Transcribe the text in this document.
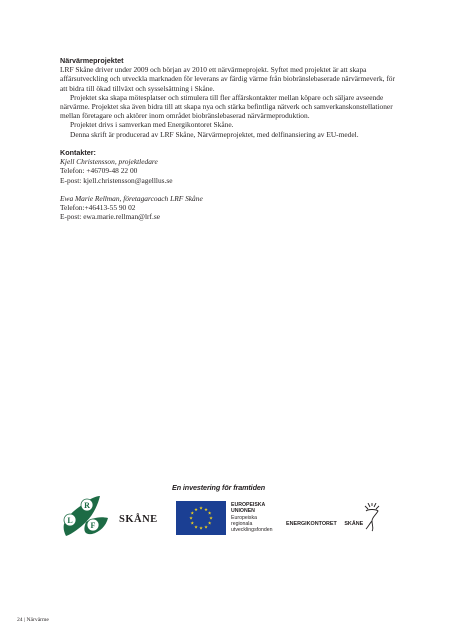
Närvärmeprojektet

LRF Skåne driver under 2009 och början av 2010 ett närvärmeprojekt. Syftet med projektet är att skapa affärsutveckling och utveckla marknaden för leverans av färdig värme från biobränslebaserade närvärmeverk, för att bidra till ökad tillväxt och sysselsättning i Skåne.

Projektet ska skapa mötesplatser och stimulera till fler affärskontakter mellan köpare och säljare avseende närvärme. Projektet ska även bidra till att skapa nya och stärka befintliga nätverk och samverkanskonstellationer mellan företagare och aktörer inom området biobränslebaserad närvärmeproduktion.

Projektet drivs i samverkan med Energikontoret Skåne.

Denna skrift är producerad av LRF Skåne, Närvärmeprojektet, med delfinansiering av EU-medel.

Kontakter:
Kjell Christensson, projektledare
Telefon: +46709-48 22 00
E-post: kjell.christensson@agelllus.se
Ewa Marie Rellman, företagarcoach LRF Skåne
Telefon:+46413-55 90 02
E-post: ewa.marie.rellman@lrf.se
En investering för framtiden
R
L
F
SKÅNE
★ ★
★
★
★
★
★
★
★
★
★
★
EUROPEISKA
UNIONEN
Europeiska
regionala
utvecklingsfonden
ENERGIKONTORET SKÅNE
24 | Närvärme
